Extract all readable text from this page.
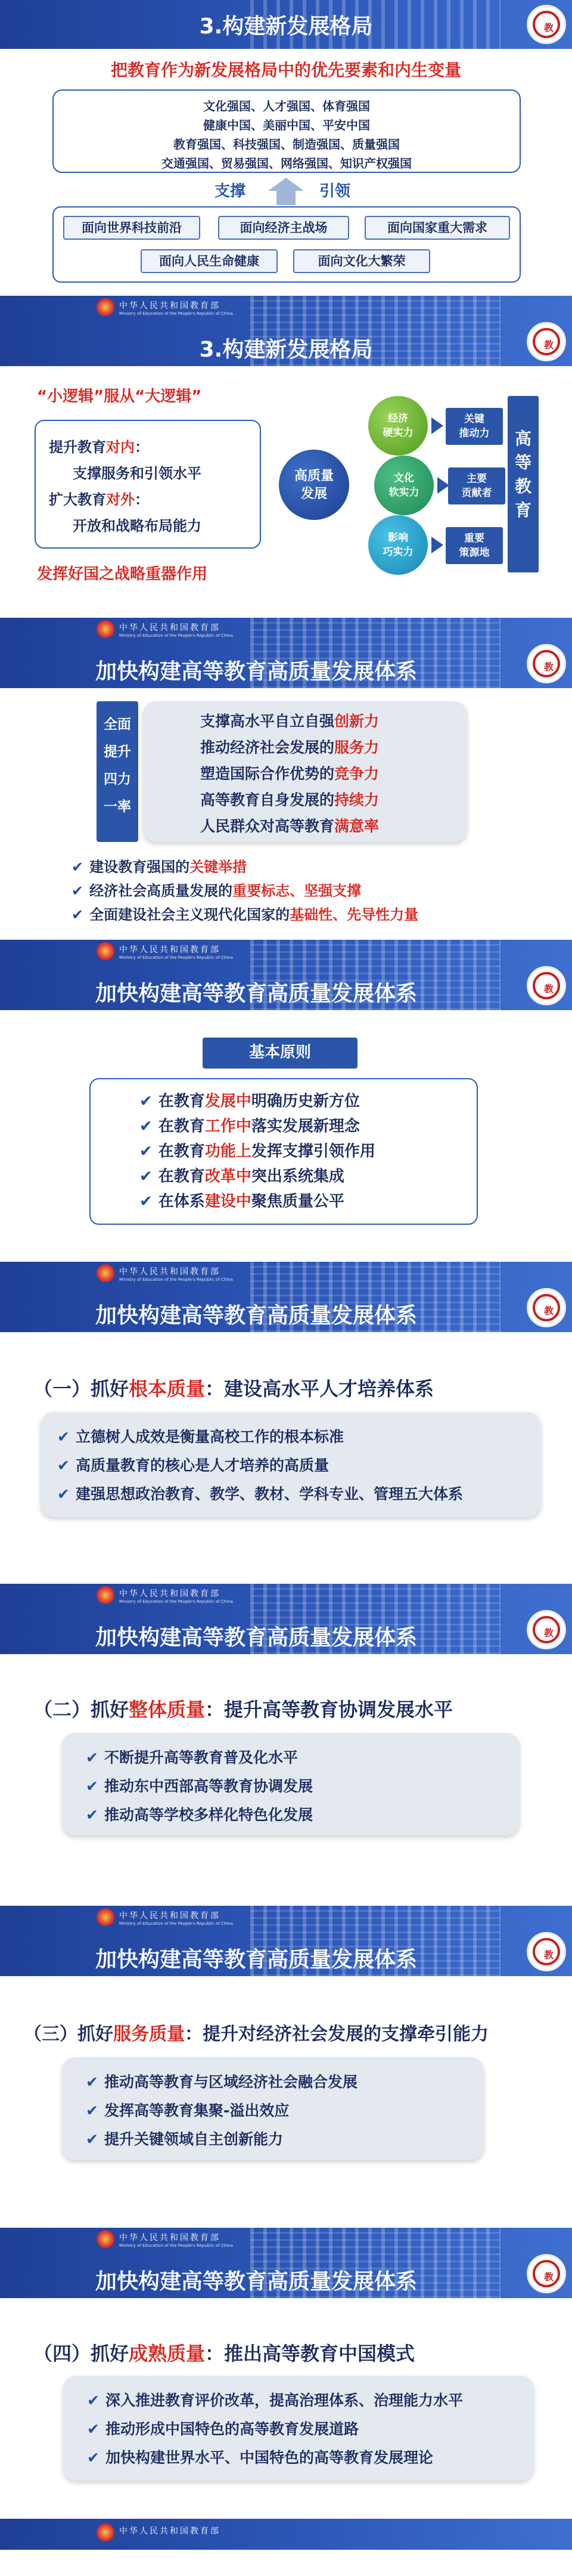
3.构建新发展格局	教
把教育作为新发展格局中的优先要素和内生变量
文化强国、人才强国、体育强国
健康中国、美丽中国、平安中国
教育强国、科技强国、制造强国、质量强国
交通强国、贸易强国、网络强国、知识产权强国
支撑	引领
面向世界科技前沿	面向经济主战场	面向国家重大需求
面向人民生命健康	面向文化大繁荣
中华人民共和国教育部
Ministry of Education of the People's Republic of China
3.构建新发展格局	教
“小逻辑”服从“大逻辑”
提升教育对内：
支撑服务和引领水平
扩大教育对外：
开放和战略布局能力
发挥好国之战略重器作用
高质量
发展
经济
硬实力
文化
软实力
影响
巧实力
关键
推动力
主要
贡献者
重要
策源地
高
等
教
育
中华人民共和国教育部
Ministry of Education of the People's Republic of China
加快构建高等教育高质量发展体系	教
全面
提升
四力
一率
支撑高水平自立自强创新力
推动经济社会发展的服务力
塑造国际合作优势的竞争力
高等教育自身发展的持续力
人民群众对高等教育满意率
✔ 建设教育强国的关键举措
✔ 经济社会高质量发展的重要标志、坚强支撑
✔ 全面建设社会主义现代化国家的基础性、先导性力量
中华人民共和国教育部
Ministry of Education of the People's Republic of China
加快构建高等教育高质量发展体系	教
基本原则
✔ 在教育发展中明确历史新方位
✔ 在教育工作中落实发展新理念
✔ 在教育功能上发挥支撑引领作用
✔ 在教育改革中突出系统集成
✔ 在体系建设中聚焦质量公平
中华人民共和国教育部
Ministry of Education of the People's Republic of China
加快构建高等教育高质量发展体系	教
（一）抓好根本质量：建设高水平人才培养体系
✔ 立德树人成效是衡量高校工作的根本标准
✔ 高质量教育的核心是人才培养的高质量
✔ 建强思想政治教育、教学、教材、学科专业、管理五大体系
中华人民共和国教育部
Ministry of Education of the People's Republic of China
加快构建高等教育高质量发展体系	教
（二）抓好整体质量：提升高等教育协调发展水平
✔ 不断提升高等教育普及化水平
✔ 推动东中西部高等教育协调发展
✔ 推动高等学校多样化特色化发展
中华人民共和国教育部
Ministry of Education of the People's Republic of China
加快构建高等教育高质量发展体系	教
（三）抓好服务质量：提升对经济社会发展的支撑牵引能力
✔ 推动高等教育与区域经济社会融合发展
✔ 发挥高等教育集聚-溢出效应
✔ 提升关键领域自主创新能力
中华人民共和国教育部
Ministry of Education of the People's Republic of China
加快构建高等教育高质量发展体系	教
（四）抓好成熟质量：推出高等教育中国模式
✔ 深入推进教育评价改革，提高治理体系、治理能力水平
✔ 推动形成中国特色的高等教育发展道路
✔ 加快构建世界水平、中国特色的高等教育发展理论
中华人民共和国教育部
